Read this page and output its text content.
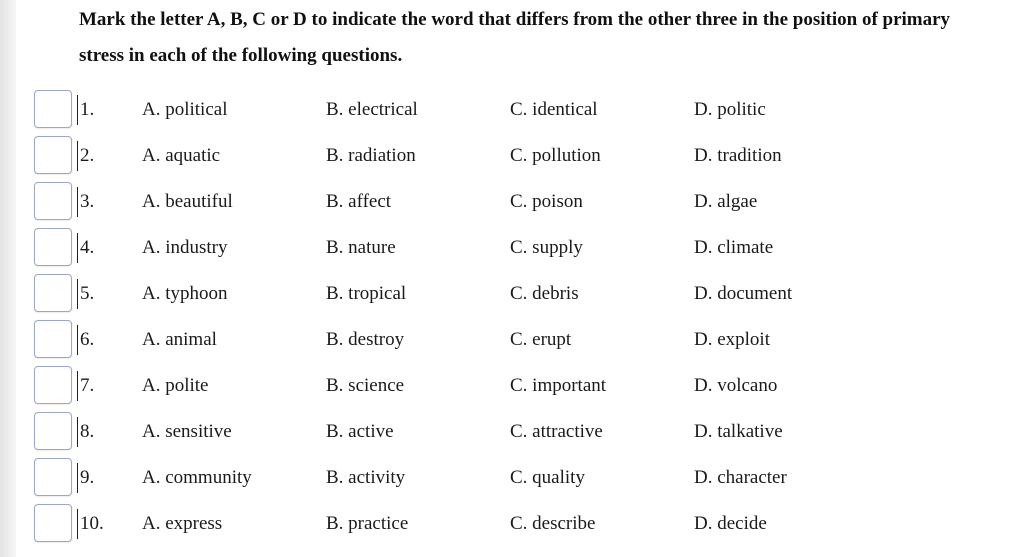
Mark the letter A, B, C or D to indicate the word that differs from the other three in the position of primary stress in each of the following questions.

1.	A. political	B. electrical	C. identical	D. politic
2.	A. aquatic	B. radiation	C. pollution	D. tradition
3.	A. beautiful	B. affect	C. poison	D. algae
4.	A. industry	B. nature	C. supply	D. climate
5.	A. typhoon	B. tropical	C. debris	D. document
6.	A. animal	B. destroy	C. erupt	D. exploit
7.	A. polite	B. science	C. important	D. volcano
8.	A. sensitive	B. active	C. attractive	D. talkative
9.	A. community	B. activity	C. quality	D. character
10. A. express	B. practice	C. describe	D. decide
